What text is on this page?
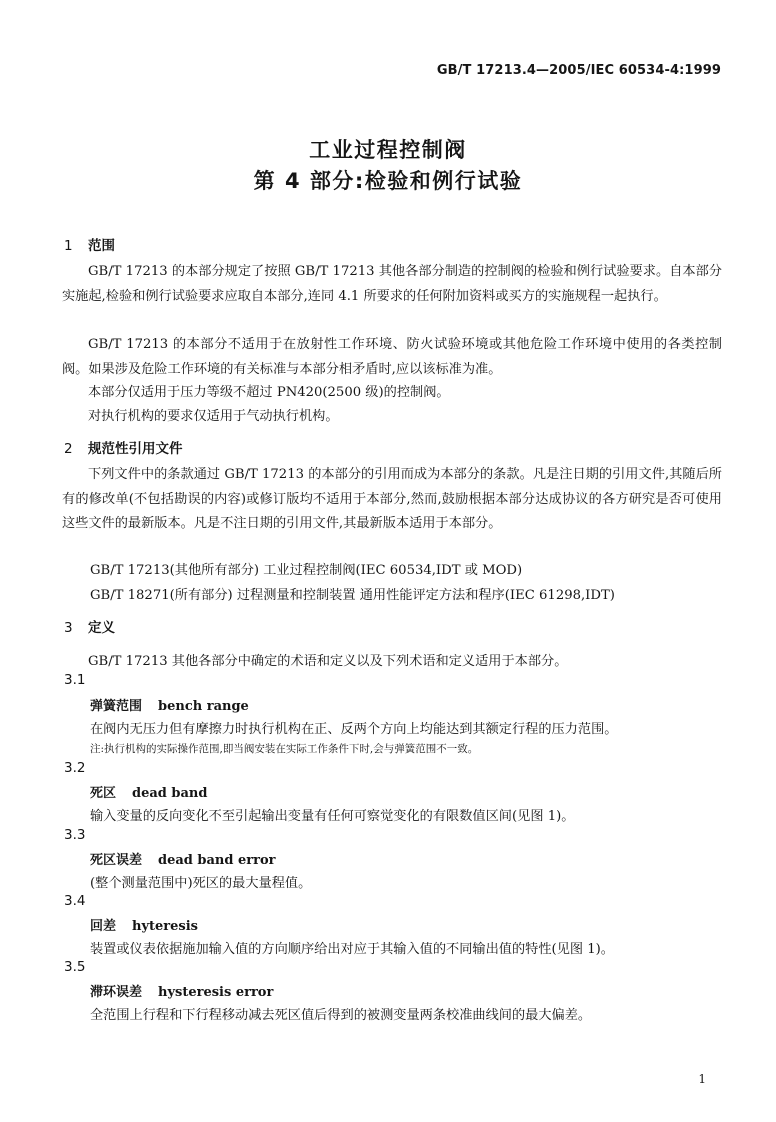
GB/T 17213.4—2005/IEC 60534-4:1999
工业过程控制阀
第 4 部分:检验和例行试验
1 范围
GB/T 17213 的本部分规定了按照 GB/T 17213 其他各部分制造的控制阀的检验和例行试验要求。自本部分实施起,检验和例行试验要求应取自本部分,连同 4.1 所要求的任何附加资料或买方的实施规程一起执行。
GB/T 17213 的本部分不适用于在放射性工作环境、防火试验环境或其他危险工作环境中使用的各类控制阀。如果涉及危险工作环境的有关标准与本部分相矛盾时,应以该标准为准。
本部分仅适用于压力等级不超过 PN420(2500 级)的控制阀。
对执行机构的要求仅适用于气动执行机构。
2 规范性引用文件
下列文件中的条款通过 GB/T 17213 的本部分的引用而成为本部分的条款。凡是注日期的引用文件,其随后所有的修改单(不包括勘误的内容)或修订版均不适用于本部分,然而,鼓励根据本部分达成协议的各方研究是否可使用这些文件的最新版本。凡是不注日期的引用文件,其最新版本适用于本部分。
GB/T 17213(其他所有部分) 工业过程控制阀(IEC 60534,IDT 或 MOD)
GB/T 18271(所有部分) 过程测量和控制装置 通用性能评定方法和程序(IEC 61298,IDT)
3 定义
GB/T 17213 其他各部分中确定的术语和定义以及下列术语和定义适用于本部分。
3.1
弹簧范围 bench range
在阀内无压力但有摩擦力时执行机构在正、反两个方向上均能达到其额定行程的压力范围。
注:执行机构的实际操作范围,即当阀安装在实际工作条件下时,会与弹簧范围不一致。
3.2
死区 dead band
输入变量的反向变化不至引起输出变量有任何可察觉变化的有限数值区间(见图 1)。
3.3
死区误差 dead band error
(整个测量范围中)死区的最大量程值。
3.4
回差 hyteresis
装置或仪表依据施加输入值的方向顺序给出对应于其输入值的不同输出值的特性(见图 1)。
3.5
滞环误差 hysteresis error
全范围上行程和下行程移动减去死区值后得到的被测变量两条校准曲线间的最大偏差。
1
